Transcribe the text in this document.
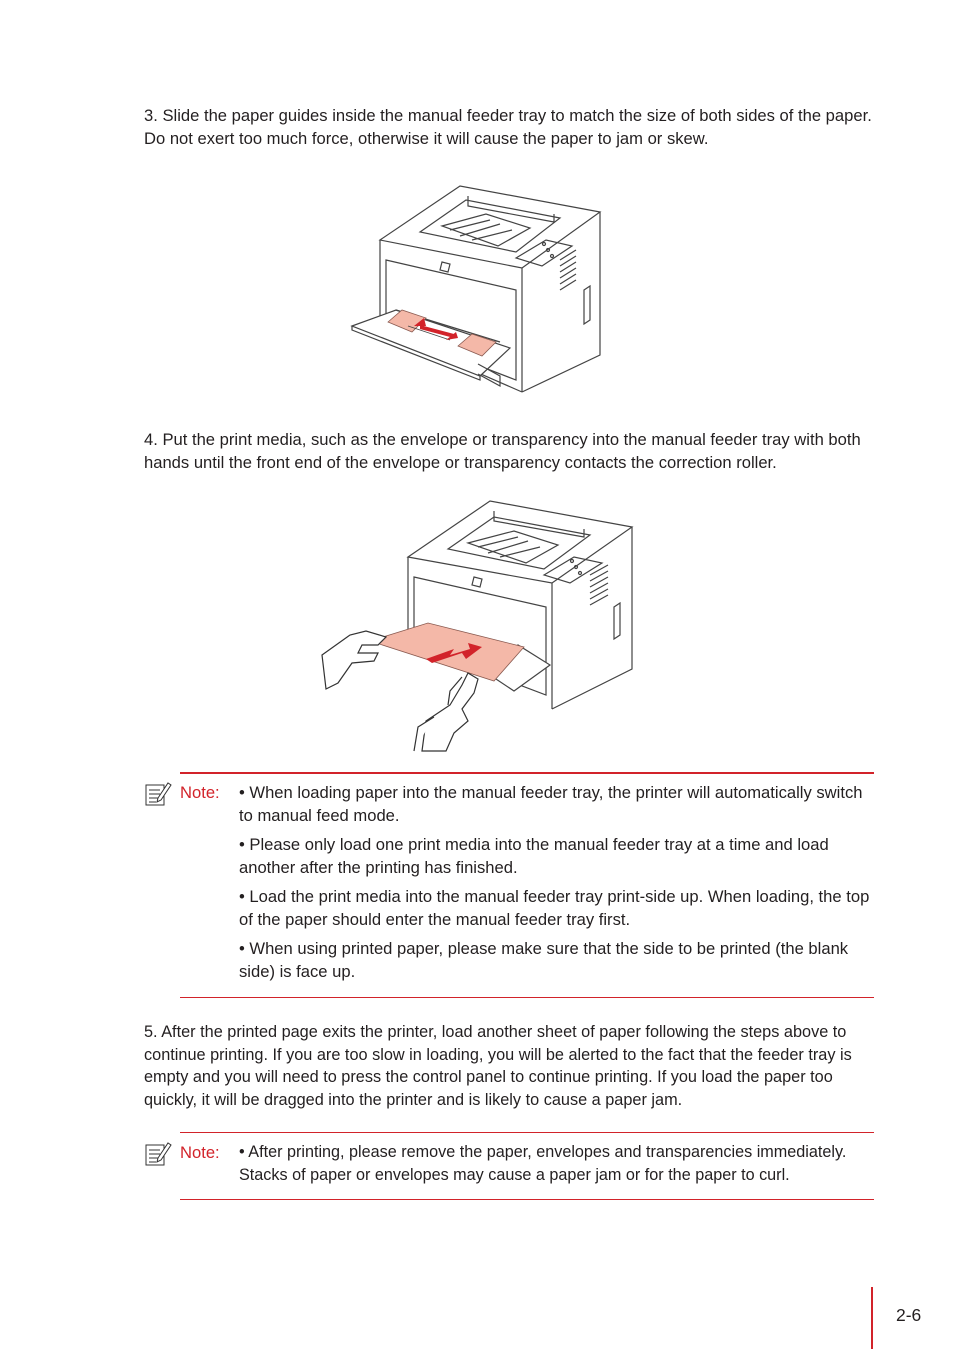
3. Slide the paper guides inside the manual feeder tray to match the size of both sides of the paper. Do not exert too much force, otherwise it will cause the paper to jam or skew.

4. Put the print media, such as the envelope or transparency into the manual feeder tray with both hands until the front end of the envelope or transparency contacts the correction roller.

Note: • When loading paper into the manual feeder tray, the printer will automatically switch to manual feed mode.
• Please only load one print media into the manual feeder tray at a time and load another after the printing has finished.
• Load the print media into the manual feeder tray print-side up. When loading, the top of the paper should enter the manual feeder tray first.
• When using printed paper, please make sure that the side to be printed (the blank side) is face up.

5. After the printed page exits the printer, load another sheet of paper following the steps above to continue printing. If you are too slow in loading, you will be alerted to the fact that the feeder tray is empty and you will need to press the control panel to continue printing. If you load the paper too quickly, it will be dragged into the printer and is likely to cause a paper jam.

Note: • After printing, please remove the paper, envelopes and transparencies immediately. Stacks of paper or envelopes may cause a paper jam or for the paper to curl.
2-6
